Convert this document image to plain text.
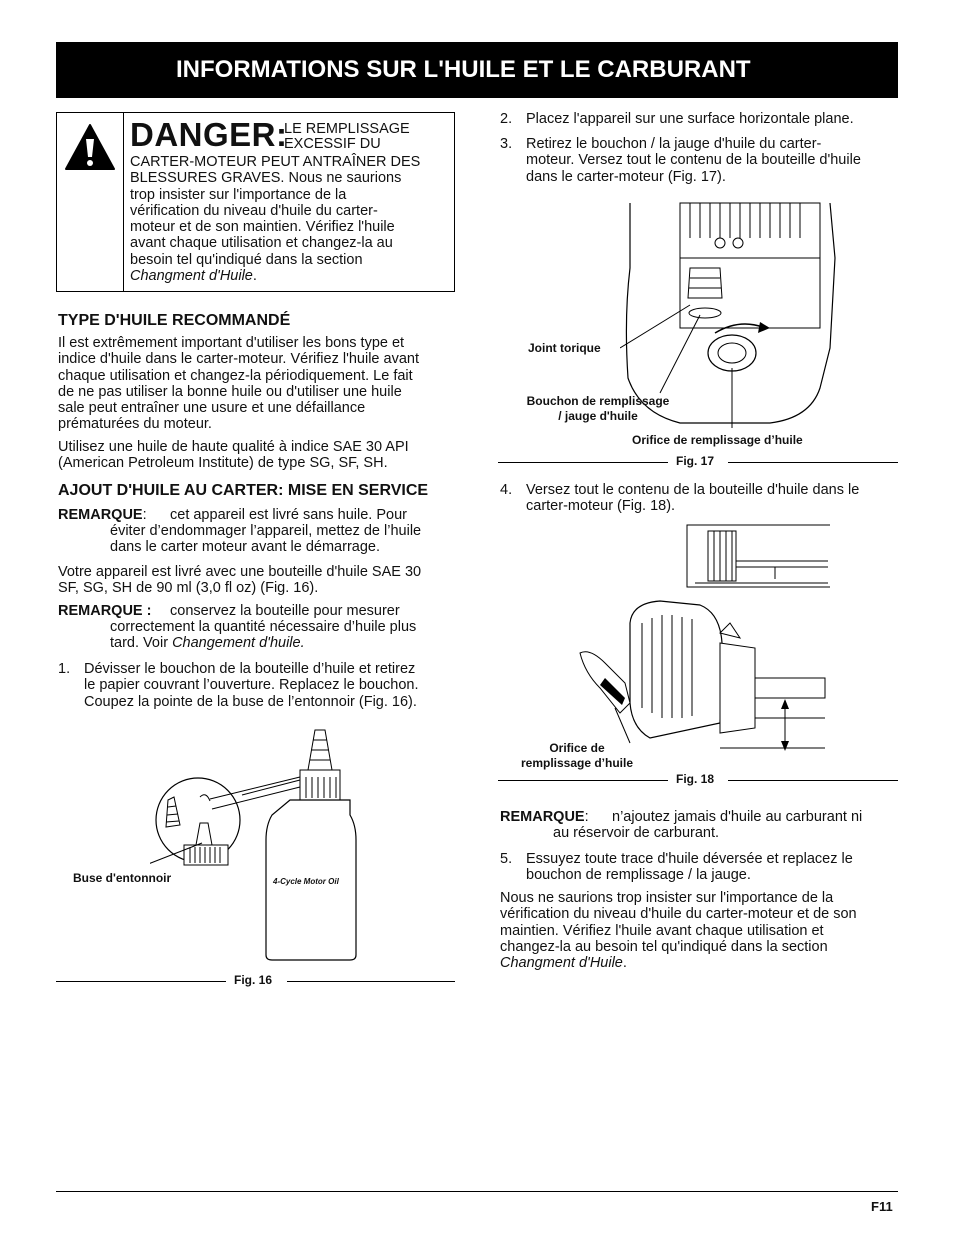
INFORMATIONS SUR L'HUILE ET LE CARBURANT
DANGER:
LE REMPLISSAGE
EXCESSIF DU
CARTER-MOTEUR PEUT ANTRAÎNER DES
BLESSURES GRAVES. Nous ne saurions
trop insister sur l'importance de la
vérification du niveau d'huile du carter-
moteur et de son maintien. Vérifiez l'huile
avant chaque utilisation et changez-la au
besoin tel qu'indiqué dans la section
Changment d'Huile.
TYPE D'HUILE RECOMMANDÉ
Il est extrêmement important d'utiliser les bons type et
indice d'huile dans le carter-moteur. Vérifiez l'huile avant
chaque utilisation et changez-la périodiquement. Le fait
de ne pas utiliser la bonne huile ou d'utiliser une huile
sale peut entraîner une usure et une défaillance
prématurées du moteur.
Utilisez une huile de haute qualité à indice SAE 30 API
(American Petroleum Institute) de type SG, SF, SH.
AJOUT D'HUILE AU CARTER: MISE EN SERVICE
REMARQUE: cet appareil est livré sans huile. Pour
éviter d’endommager l’appareil, mettez de l’huile
dans le carter moteur avant le démarrage.
Votre appareil est livré avec une bouteille d'huile SAE 30
SF, SG, SH de 90 ml (3,0 fl oz) (Fig. 16).
REMARQUE : conservez la bouteille pour mesurer
correctement la quantité nécessaire d’huile plus
tard. Voir Changement d'huile.
1. Dévisser le bouchon de la bouteille d’huile et retirez
le papier couvrant l’ouverture. Replacez le bouchon.
Coupez la pointe de la buse de l’entonnoir (Fig. 16).
4-Cycle Motor Oil
Buse d'entonnoir
Fig. 16
2. Placez l'appareil sur une surface horizontale plane.
3. Retirez le bouchon / la jauge d'huile du carter-
moteur. Versez tout le contenu de la bouteille d'huile
dans le carter-moteur (Fig. 17).
Joint torique
Bouchon de remplissage
/ jauge d'huile
Orifice de remplissage d’huile
Fig. 17
4. Versez tout le contenu de la bouteille d'huile dans le
carter-moteur (Fig. 18).
Orifice de
remplissage d’huile
Fig. 18
REMARQUE: n’ajoutez jamais d'huile au carburant ni
au réservoir de carburant.
5. Essuyez toute trace d'huile déversée et replacez le
bouchon de remplissage / la jauge.
Nous ne saurions trop insister sur l'importance de la
vérification du niveau d'huile du carter-moteur et de son
maintien. Vérifiez l'huile avant chaque utilisation et
changez-la au besoin tel qu'indiqué dans la section
Changment d'Huile.
F11
